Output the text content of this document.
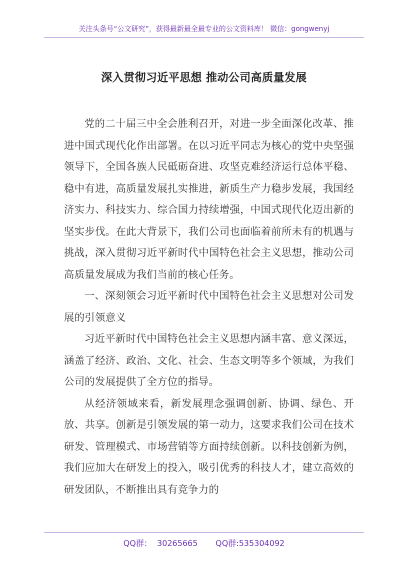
关注头条号“公文研究”，获得最新最全最专业的公文资料库！ 微信：gongwenyj
深入贯彻习近平思想 推动公司高质量发展

党的二十届三中全会胜利召开，对进一步全面深化改革、推进中国式现代化作出部署。在以习近平同志为核心的党中央坚强领导下，全国各族人民砥砺奋进、攻坚克难经济运行总体平稳、稳中有进，高质量发展扎实推进，新质生产力稳步发展，我国经济实力、科技实力、综合国力持续增强，中国式现代化迈出新的坚实步伐。在此大背景下，我们公司也面临着前所未有的机遇与挑战，深入贯彻习近平新时代中国特色社会主义思想，推动公司高质量发展成为我们当前的核心任务。

一、深刻领会习近平新时代中国特色社会主义思想对公司发展的引领意义

习近平新时代中国特色社会主义思想内涵丰富、意义深远，涵盖了经济、政治、文化、社会、生态文明等多个领域，为我们公司的发展提供了全方位的指导。

从经济领域来看，新发展理念强调创新、协调、绿色、开放、共享。创新是引领发展的第一动力，这要求我们公司在技术研发、管理模式、市场营销等方面持续创新。以科技创新为例，我们应加大在研发上的投入，吸引优秀的科技人才，建立高效的研发团队，不断推出具有竞争力的

QQ群：  30265665       QQ群:535304092
